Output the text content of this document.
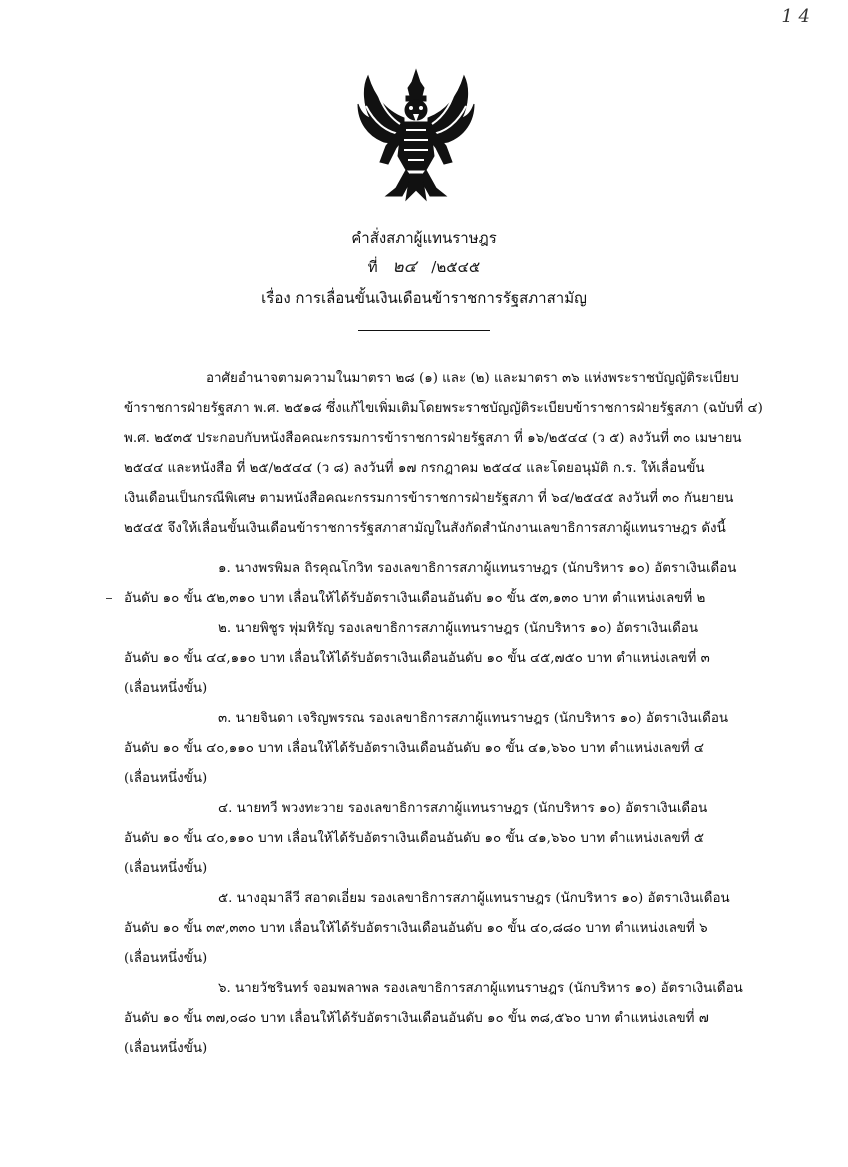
1 4
คำสั่งสภาผู้แทนราษฎร
ที่ ๒๔ /๒๕๔๕
เรื่อง การเลื่อนขั้นเงินเดือนข้าราชการรัฐสภาสามัญ
อาศัยอำนาจตามความในมาตรา ๒๘ (๑) และ (๒) และมาตรา ๓๖ แห่งพระราชบัญญัติระเบียบ
ข้าราชการฝ่ายรัฐสภา พ.ศ. ๒๕๑๘ ซึ่งแก้ไขเพิ่มเติมโดยพระราชบัญญัติระเบียบข้าราชการฝ่ายรัฐสภา (ฉบับที่ ๔)
พ.ศ. ๒๕๓๕ ประกอบกับหนังสือคณะกรรมการข้าราชการฝ่ายรัฐสภา ที่ ๑๖/๒๕๔๔ (ว ๕) ลงวันที่ ๓๐ เมษายน
๒๕๔๔ และหนังสือ ที่ ๒๕/๒๕๔๔ (ว ๘) ลงวันที่ ๑๗ กรกฎาคม ๒๕๔๔ และโดยอนุมัติ ก.ร. ให้เลื่อนขั้น
เงินเดือนเป็นกรณีพิเศษ ตามหนังสือคณะกรรมการข้าราชการฝ่ายรัฐสภา ที่ ๖๔/๒๕๔๕ ลงวันที่ ๓๐ กันยายน
๒๕๔๕ จึงให้เลื่อนขั้นเงินเดือนข้าราชการรัฐสภาสามัญในสังกัดสำนักงานเลขาธิการสภาผู้แทนราษฎร ดังนี้
๑. นางพรพิมล ถิรคุณโกวิท รองเลขาธิการสภาผู้แทนราษฎร (นักบริหาร ๑๐) อัตราเงินเดือน
อันดับ ๑๐ ขั้น ๕๒,๓๑๐ บาท เลื่อนให้ได้รับอัตราเงินเดือนอันดับ ๑๐ ขั้น ๕๓,๑๓๐ บาท ตำแหน่งเลขที่ ๒
๒. นายพิชูร พุ่มหิรัญ รองเลขาธิการสภาผู้แทนราษฎร (นักบริหาร ๑๐) อัตราเงินเดือน
อันดับ ๑๐ ขั้น ๔๔,๑๑๐ บาท เลื่อนให้ได้รับอัตราเงินเดือนอันดับ ๑๐ ขั้น ๔๕,๗๕๐ บาท ตำแหน่งเลขที่ ๓
(เลื่อนหนึ่งขั้น)
๓. นายจินดา เจริญพรรณ รองเลขาธิการสภาผู้แทนราษฎร (นักบริหาร ๑๐) อัตราเงินเดือน
อันดับ ๑๐ ขั้น ๔๐,๑๑๐ บาท เลื่อนให้ได้รับอัตราเงินเดือนอันดับ ๑๐ ขั้น ๔๑,๖๖๐ บาท ตำแหน่งเลขที่ ๔
(เลื่อนหนึ่งขั้น)
๔. นายทวี พวงทะวาย รองเลขาธิการสภาผู้แทนราษฎร (นักบริหาร ๑๐) อัตราเงินเดือน
อันดับ ๑๐ ขั้น ๔๐,๑๑๐ บาท เลื่อนให้ได้รับอัตราเงินเดือนอันดับ ๑๐ ขั้น ๔๑,๖๖๐ บาท ตำแหน่งเลขที่ ๕
(เลื่อนหนึ่งขั้น)
๕. นางอุมาลีวี สอาดเอี่ยม รองเลขาธิการสภาผู้แทนราษฎร (นักบริหาร ๑๐) อัตราเงินเดือน
อันดับ ๑๐ ขั้น ๓๙,๓๓๐ บาท เลื่อนให้ได้รับอัตราเงินเดือนอันดับ ๑๐ ขั้น ๔๐,๘๘๐ บาท ตำแหน่งเลขที่ ๖
(เลื่อนหนึ่งขั้น)
๖. นายวัชรินทร์ จอมพลาพล รองเลขาธิการสภาผู้แทนราษฎร (นักบริหาร ๑๐) อัตราเงินเดือน
อันดับ ๑๐ ขั้น ๓๗,๐๘๐ บาท เลื่อนให้ได้รับอัตราเงินเดือนอันดับ ๑๐ ขั้น ๓๘,๕๖๐ บาท ตำแหน่งเลขที่ ๗
(เลื่อนหนึ่งขั้น)
